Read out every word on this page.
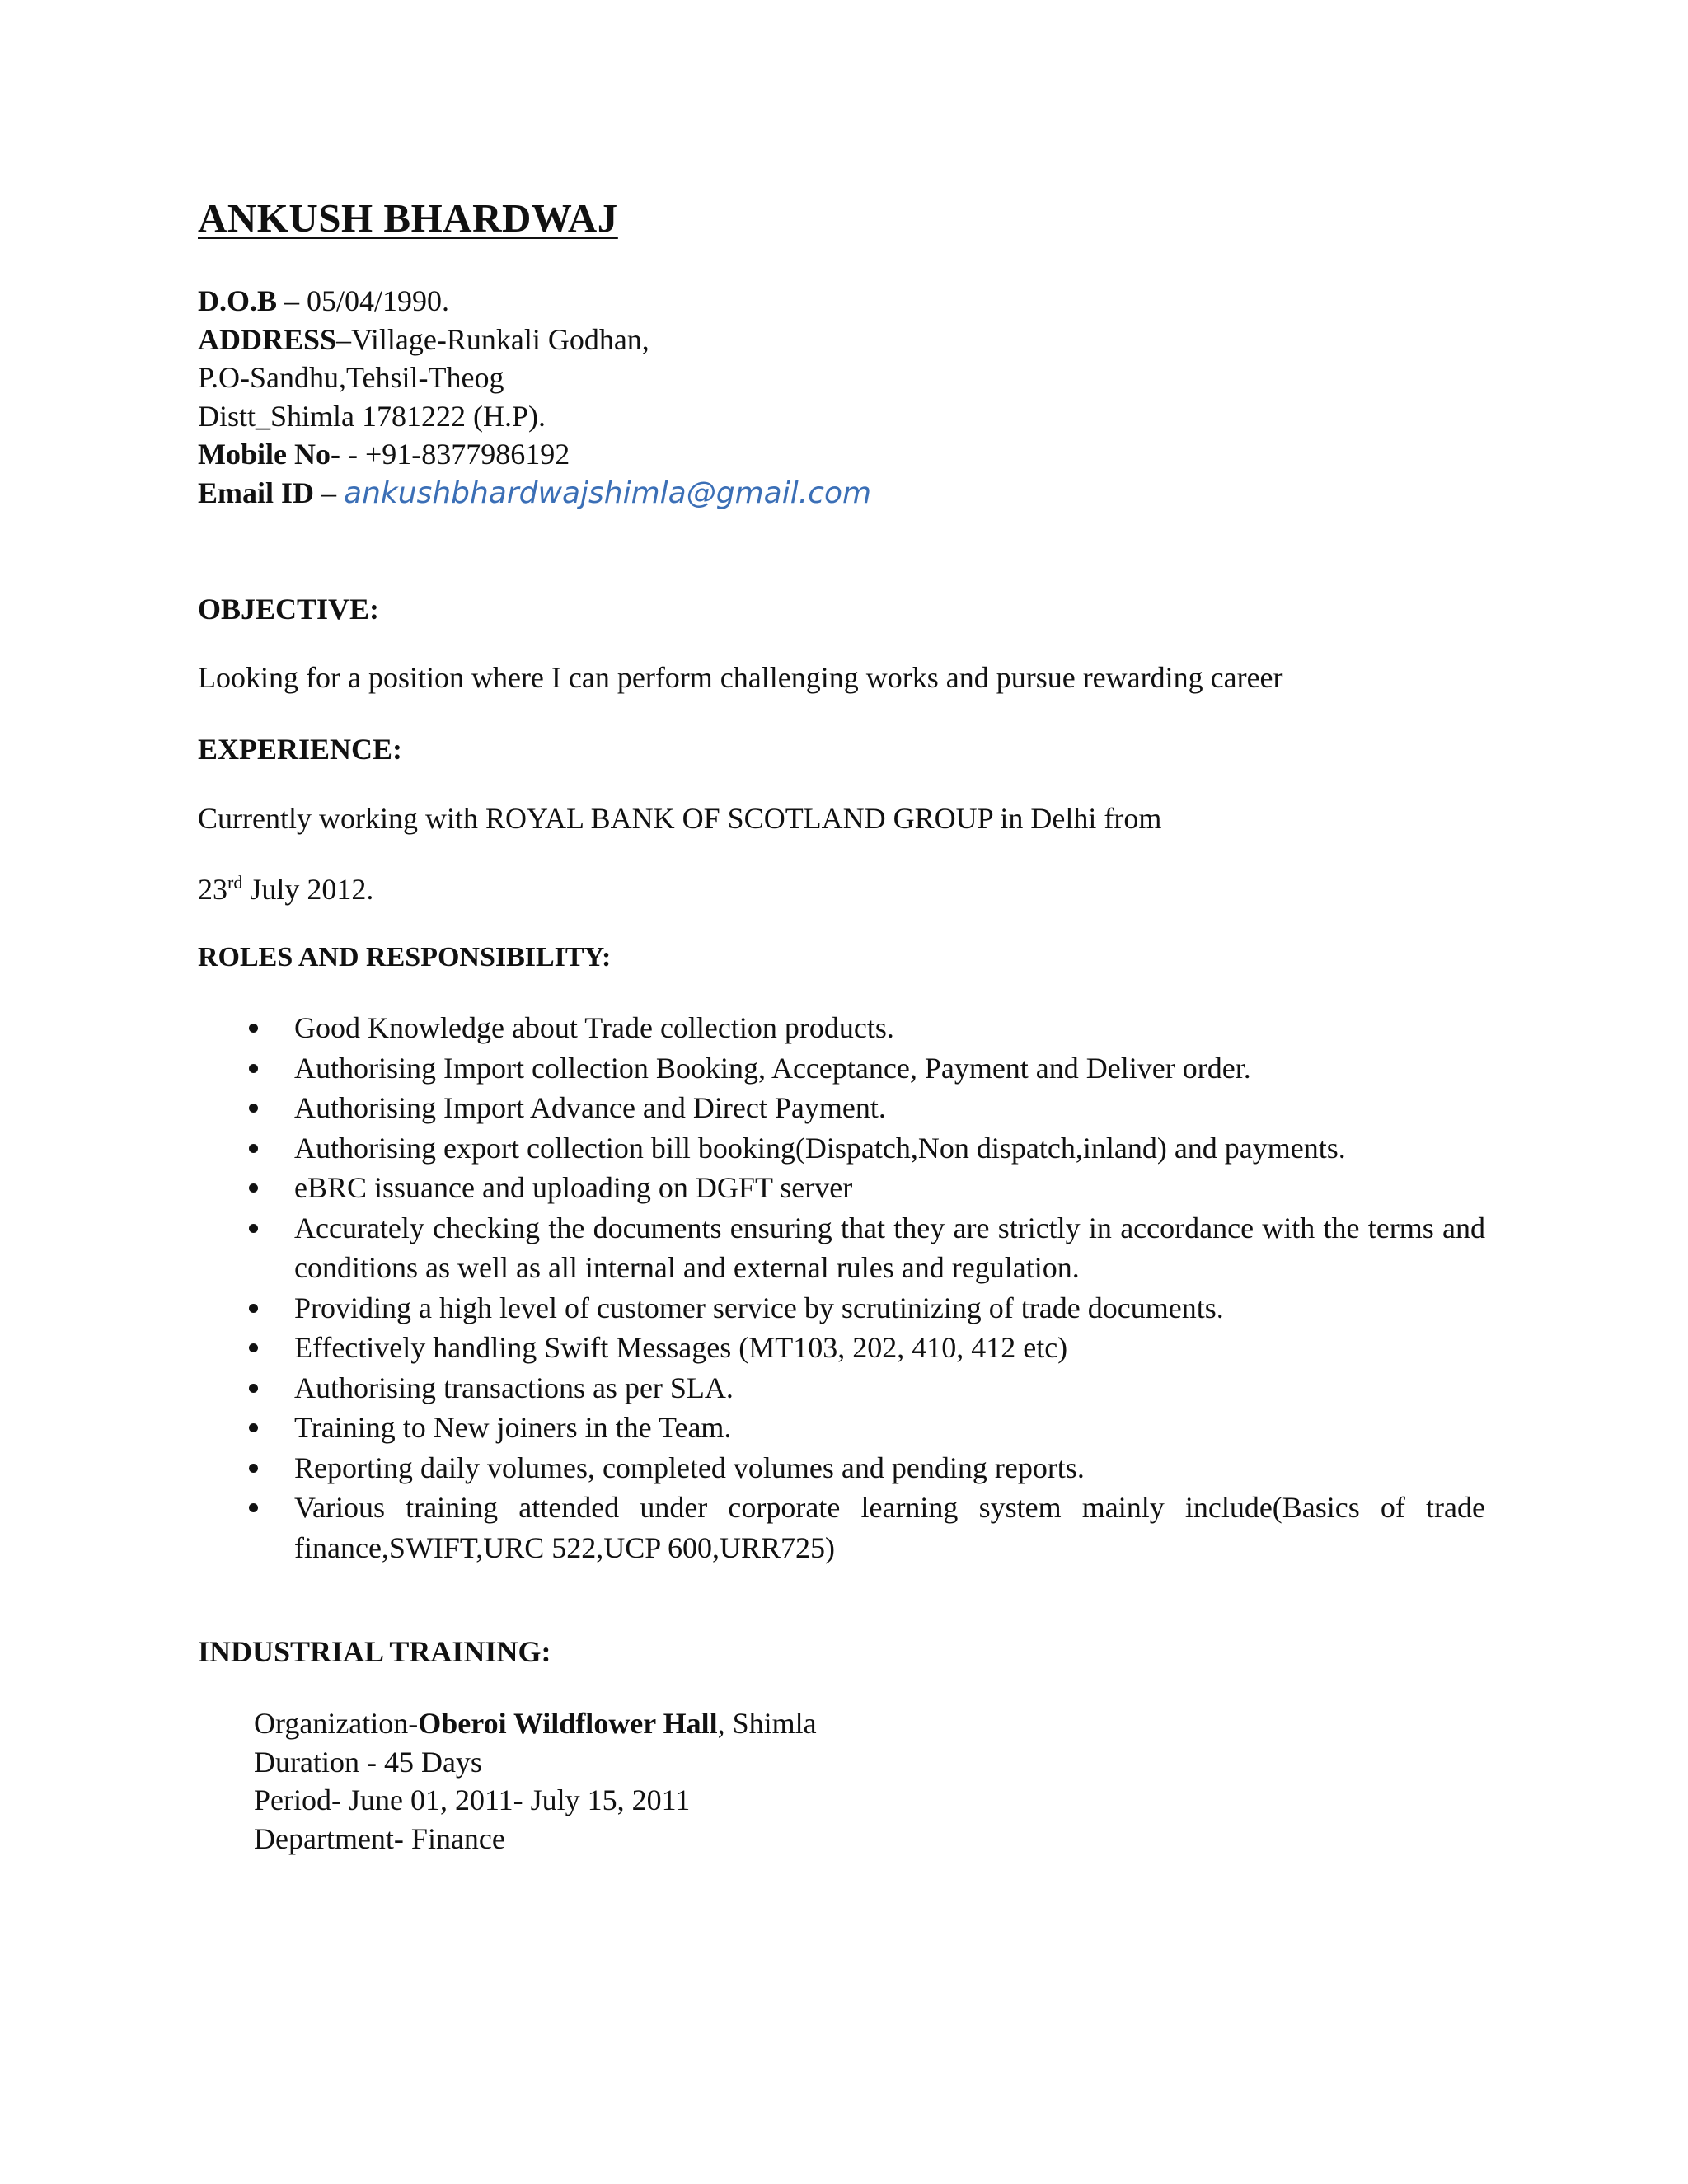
ANKUSH BHARDWAJ
D.O.B – 05/04/1990.
ADDRESS–Village-Runkali Godhan,
P.O-Sandhu,Tehsil-Theog
Distt_Shimla 1781222 (H.P).
Mobile No- - +91-8377986192
Email ID – ankushbhardwajshimla@gmail.com
OBJECTIVE:

Looking for a position where I can perform challenging works and pursue rewarding career

EXPERIENCE:

Currently working with ROYAL BANK OF SCOTLAND GROUP in Delhi from

23rd July 2012.

ROLES AND RESPONSIBILITY:
Good Knowledge about Trade collection products.
Authorising Import collection Booking, Acceptance, Payment and Deliver order.
Authorising Import Advance and Direct Payment.
Authorising export collection bill booking(Dispatch,Non dispatch,inland) and payments.
eBRC issuance and uploading on DGFT server
Accurately checking the documents ensuring that they are strictly in accordance with the terms and conditions as well as all internal and external rules and regulation.
Providing a high level of customer service by scrutinizing of trade documents.
Effectively handling Swift Messages (MT103, 202, 410, 412 etc)
Authorising transactions as per SLA.
Training to New joiners in the Team.
Reporting daily volumes, completed volumes and pending reports.
Various training attended under corporate learning system mainly include(Basics of trade finance,SWIFT,URC 522,UCP 600,URR725)
INDUSTRIAL TRAINING:
Organization-Oberoi Wildflower Hall, Shimla
Duration - 45 Days
Period- June 01, 2011- July 15, 2011
Department- Finance
